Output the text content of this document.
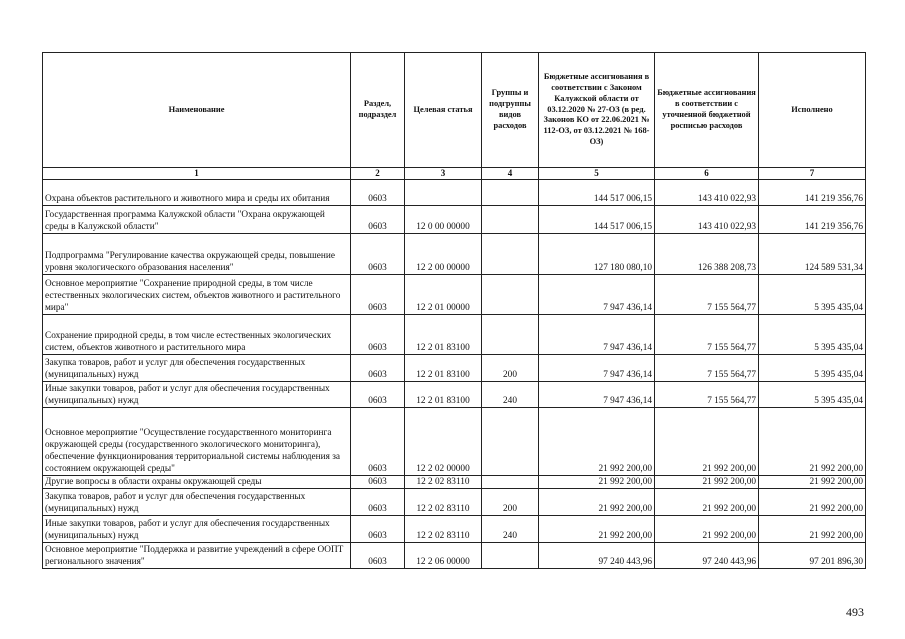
Наименование	Раздел, подраздел	Целевая статья	Группы и подгруппы видов расходов	Бюджетные ассигнования в соответствии с Законом Калужской области от 03.12.2020 № 27-ОЗ (в ред. Законов КО от 22.06.2021 № 112-ОЗ, от 03.12.2021 № 168-ОЗ)	Бюджетные ассигнования в соответствии с уточненной бюджетной росписью расходов	Исполнено
1	2	3	4	5	6	7
Охрана объектов растительного и животного мира и среды их обитания	0603			144 517 006,15	143 410 022,93	141 219 356,76
Государственная программа Калужской области "Охрана окружающей среды в Калужской области"	0603	12 0 00 00000		144 517 006,15	143 410 022,93	141 219 356,76
Подпрограмма "Регулирование качества окружающей среды, повышение уровня экологического образования населения"	0603	12 2 00 00000		127 180 080,10	126 388 208,73	124 589 531,34
Основное мероприятие "Сохранение природной среды, в том числе естественных экологических систем, объектов животного и растительного мира"	0603	12 2 01 00000		7 947 436,14	7 155 564,77	5 395 435,04
Сохранение природной среды, в том числе естественных экологических систем, объектов животного и растительного мира	0603	12 2 01 83100		7 947 436,14	7 155 564,77	5 395 435,04
Закупка товаров, работ и услуг для обеспечения государственных (муниципальных) нужд	0603	12 2 01 83100	200	7 947 436,14	7 155 564,77	5 395 435,04
Иные закупки товаров, работ и услуг для обеспечения государственных (муниципальных) нужд	0603	12 2 01 83100	240	7 947 436,14	7 155 564,77	5 395 435,04
Основное мероприятие "Осуществление государственного мониторинга окружающей среды (государственного экологического мониторинга), обеспечение функционирования территориальной системы наблюдения за состоянием окружающей среды"	0603	12 2 02 00000		21 992 200,00	21 992 200,00	21 992 200,00
Другие вопросы в области охраны окружающей среды	0603	12 2 02 83110		21 992 200,00	21 992 200,00	21 992 200,00
Закупка товаров, работ и услуг для обеспечения государственных (муниципальных) нужд	0603	12 2 02 83110	200	21 992 200,00	21 992 200,00	21 992 200,00
Иные закупки товаров, работ и услуг для обеспечения государственных (муниципальных) нужд	0603	12 2 02 83110	240	21 992 200,00	21 992 200,00	21 992 200,00
Основное мероприятие "Поддержка и развитие учреждений в сфере ООПТ регионального значения"	0603	12 2 06 00000		97 240 443,96	97 240 443,96	97 201 896,30
493
